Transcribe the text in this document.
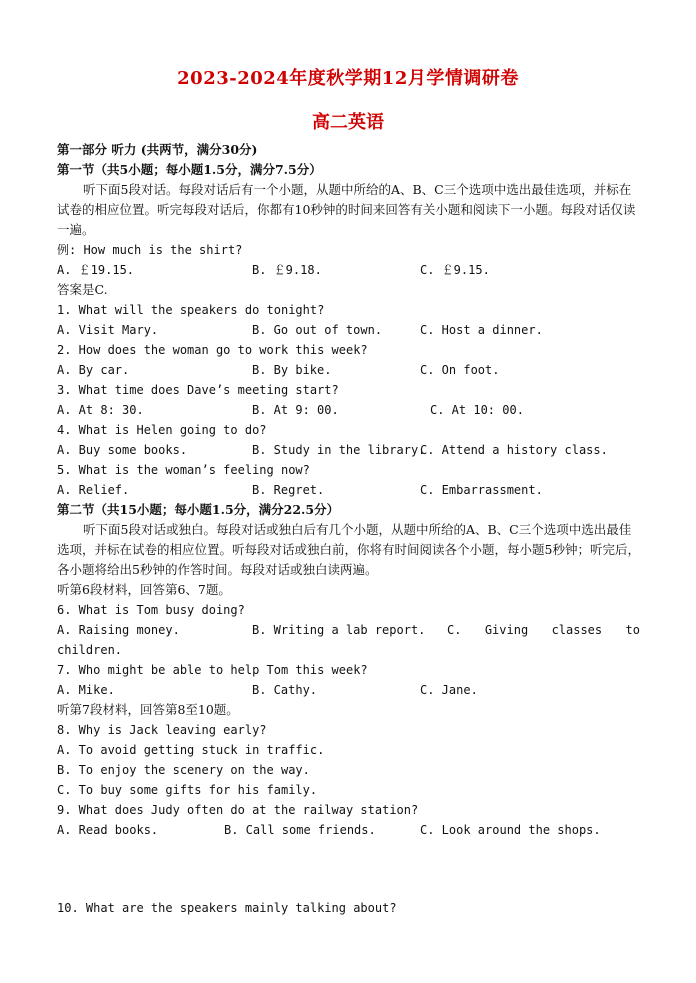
2023-2024年度秋学期12月学情调研卷
高二英语
第一部分 听力 (共两节，满分30分)
第一节（共5小题；每小题1.5分，满分7.5分）
听下面5段对话。每段对话后有一个小题，从题中所给的A、B、C三个选项中选出最佳选项，并标在试卷的相应位置。听完每段对话后，你都有10秒钟的时间来回答有关小题和阅读下一小题。每段对话仅读一遍。
例: How much is the shirt?
A. ￡19.15.	B. ￡9.18.	C. ￡9.15.
答案是C.
1. What will the speakers do tonight?
A. Visit Mary.	B. Go out of town.	C. Host a dinner.
2. How does the woman go to work this week?
A. By car.	B. By bike.	C. On foot.
3. What time does Dave’s meeting start?
A. At 8: 30.	B. At 9: 00.	C. At 10: 00.
4. What is Helen going to do?
A. Buy some books.	B. Study in the library.
C. Attend a history class.
5. What is the woman’s feeling now?
A. Relief.	B. Regret.	C. Embarrassment.
第二节（共15小题；每小题1.5分，满分22.5分）
听下面5段对话或独白。每段对话或独白后有几个小题，从题中所给的A、B、C三个选项中选出最佳选项，并标在试卷的相应位置。听每段对话或独白前，你将有时间阅读各个小题，每小题5秒钟；听完后，各小题将给出5秒钟的作答时间。每段对话或独白读两遍。
听第6段材料，回答第6、7题。
6. What is Tom busy doing?
A. Raising money.	B. Writing a lab report. C. Giving classes to
children.
7. Who might be able to help Tom this week?
A. Mike.	B. Cathy.	C. Jane.
听第7段材料，回答第8至10题。
8. Why is Jack leaving early?
A. To avoid getting stuck in traffic.
B. To enjoy the scenery on the way.
C. To buy some gifts for his family.
9. What does Judy often do at the railway station?
A. Read books.	B. Call some friends.	C. Look around the shops.
10. What are the speakers mainly talking about?
